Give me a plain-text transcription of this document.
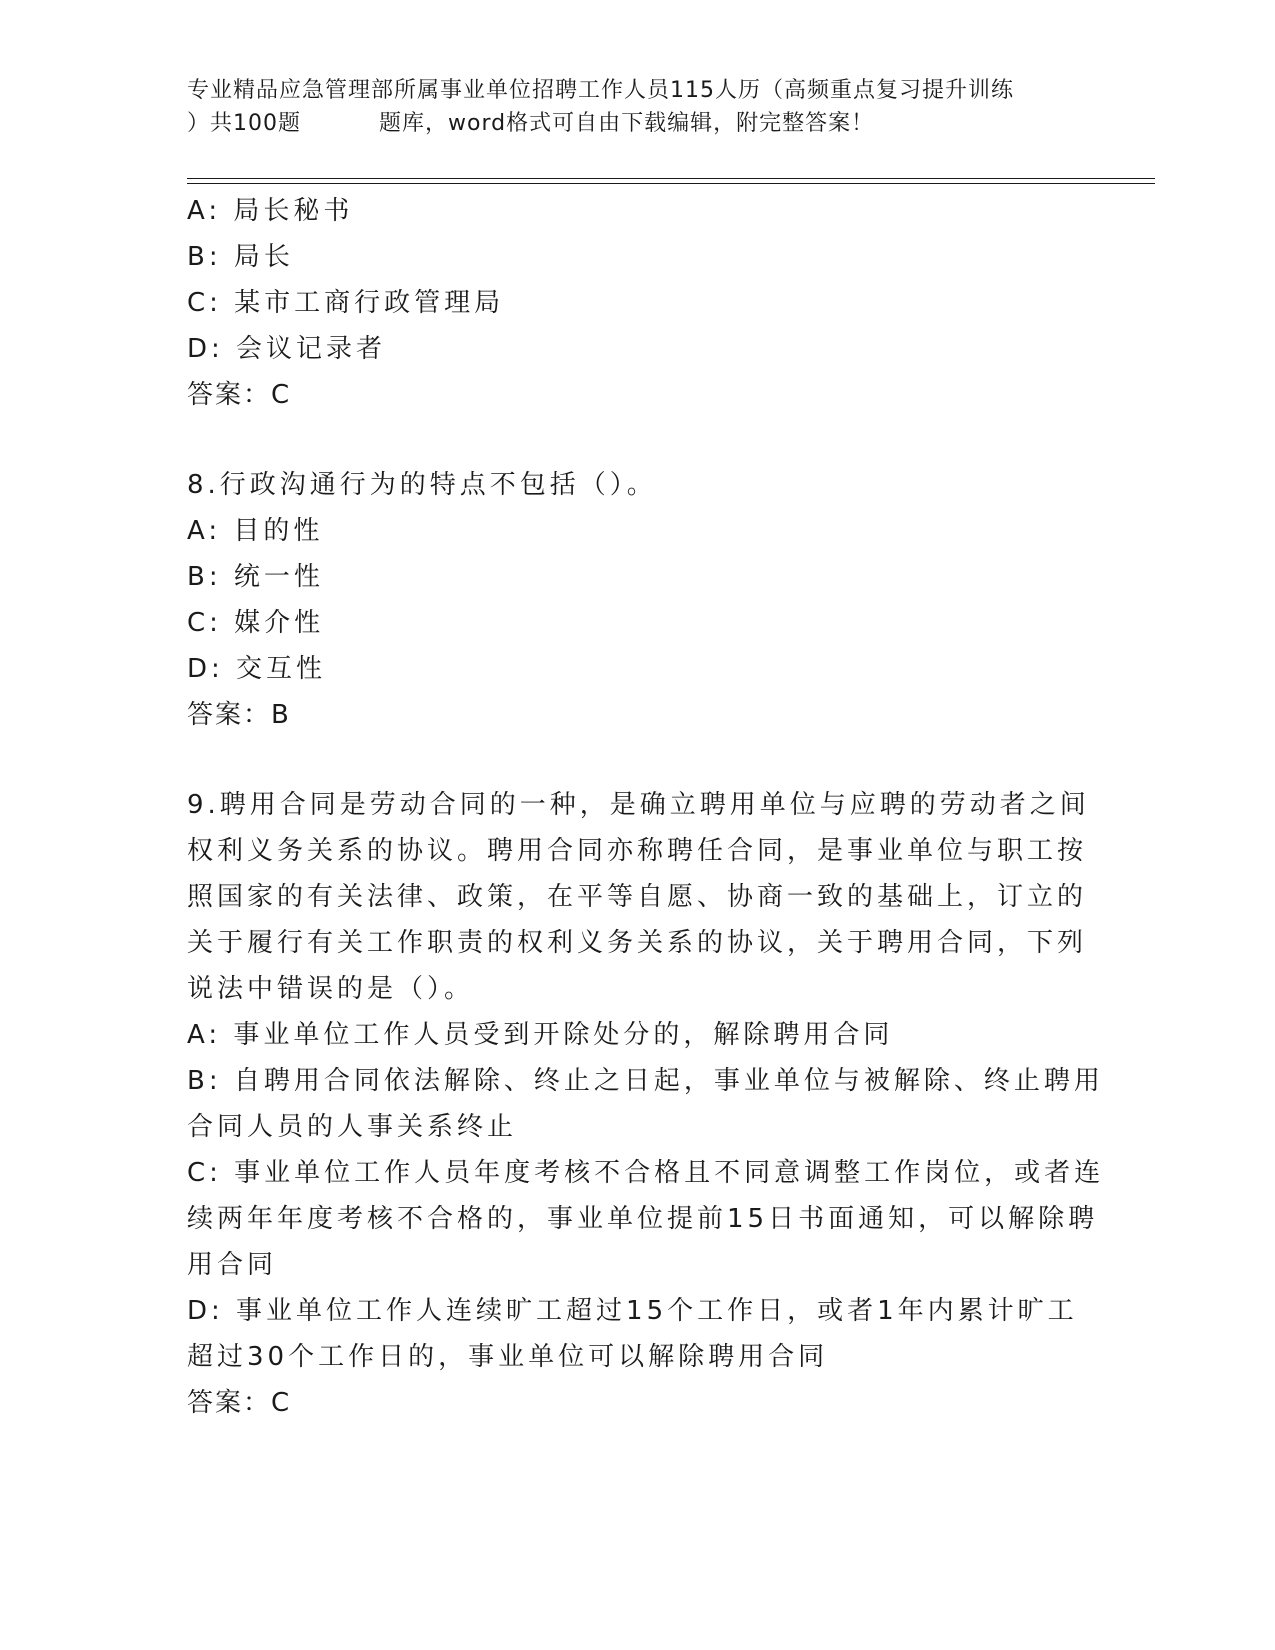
专业精品应急管理部所属事业单位招聘工作人员115人历（高频重点复习提升训练
）共100题	题库，word格式可自由下载编辑，附完整答案！
A: 局长秘书
B: 局长
C: 某市工商行政管理局
D: 会议记录者
答案：C
8.行政沟通行为的特点不包括（）。
A: 目的性
B: 统一性
C: 媒介性
D: 交互性
答案：B
9.聘用合同是劳动合同的一种，是确立聘用单位与应聘的劳动者之间
权利义务关系的协议。聘用合同亦称聘任合同，是事业单位与职工按
照国家的有关法律、政策，在平等自愿、协商一致的基础上，订立的
关于履行有关工作职责的权利义务关系的协议，关于聘用合同，下列
说法中错误的是（）。
A: 事业单位工作人员受到开除处分的，解除聘用合同
B: 自聘用合同依法解除、终止之日起，事业单位与被解除、终止聘用
合同人员的人事关系终止
C: 事业单位工作人员年度考核不合格且不同意调整工作岗位，或者连
续两年年度考核不合格的，事业单位提前15日书面通知，可以解除聘
用合同
D: 事业单位工作人连续旷工超过15个工作日，或者1年内累计旷工
超过30个工作日的，事业单位可以解除聘用合同
答案：C
